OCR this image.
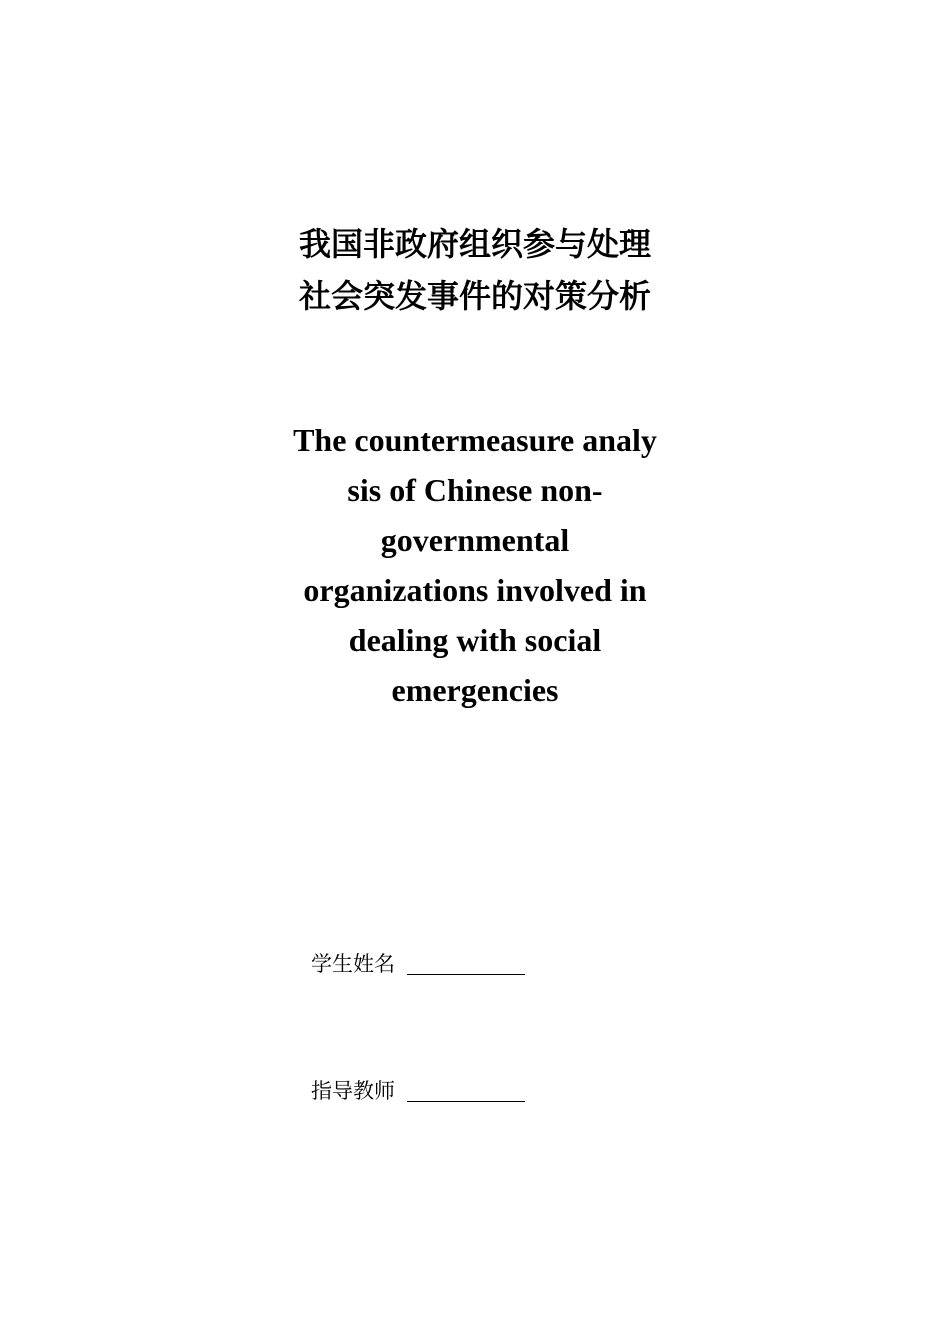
我国非政府组织参与处理
社会突发事件的对策分析
The countermeasure analy
sis of Chinese non-
governmental
organizations involved in
dealing with social
emergencies
学生姓名
指导教师
